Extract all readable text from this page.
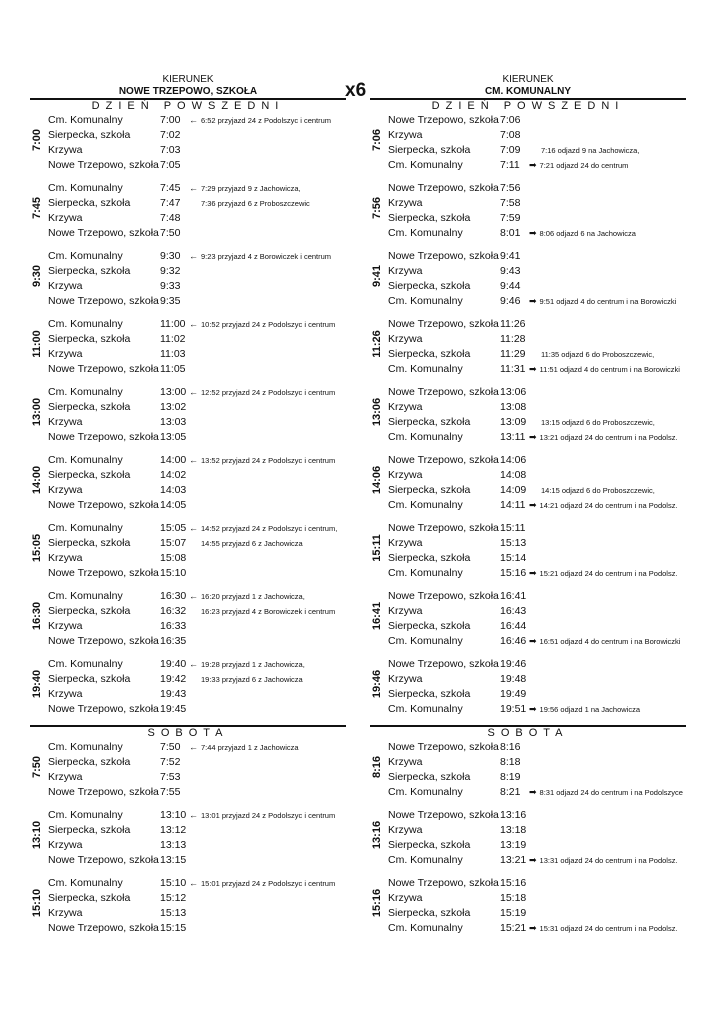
x6
KIERUNEK
NOWE TRZEPOWO, SZKOŁA
DZIEŃ POWSZEDNI
7:00
Cm. Komunalny	7:00 ← 6:52 przyjazd 24 z Podolszyc i centrum
Sierpecka, szkoła	7:02
Krzywa	7:03
Nowe Trzepowo, szkoła 7:05
7:45
Cm. Komunalny	7:45 ← 7:29 przyjazd 9 z Jachowicza,
Sierpecka, szkoła	7:47	7:36 przyjazd 6 z Proboszczewic
Krzywa	7:48
Nowe Trzepowo, szkoła 7:50
9:30
Cm. Komunalny	9:30 ← 9:23 przyjazd 4 z Borowiczek i centrum
Sierpecka, szkoła	9:32
Krzywa	9:33
Nowe Trzepowo, szkoła 9:35
11:00
Cm. Komunalny	11:00 ← 10:52 przyjazd 24 z Podolszyc i centrum
Sierpecka, szkoła	11:02
Krzywa	11:03
Nowe Trzepowo, szkoła 11:05
13:00
Cm. Komunalny	13:00 ← 12:52 przyjazd 24 z Podolszyc i centrum
Sierpecka, szkoła	13:02
Krzywa	13:03
Nowe Trzepowo, szkoła 13:05
14:00
Cm. Komunalny	14:00 ← 13:52 przyjazd 24 z Podolszyc i centrum
Sierpecka, szkoła	14:02
Krzywa	14:03
Nowe Trzepowo, szkoła 14:05
15:05
Cm. Komunalny	15:05 ← 14:52 przyjazd 24 z Podolszyc i centrum,
Sierpecka, szkoła	15:07 14:55 przyjazd 6 z Jachowicza
Krzywa	15:08
Nowe Trzepowo, szkoła 15:10
16:30
Cm. Komunalny	16:30 ← 16:20 przyjazd 1 z Jachowicza,
Sierpecka, szkoła	16:32 16:23 przyjazd 4 z Borowiczek i centrum
Krzywa	16:33
Nowe Trzepowo, szkoła 16:35
19:40
Cm. Komunalny	19:40 ← 19:28 przyjazd 1 z Jachowicza,
Sierpecka, szkoła	19:42 19:33 przyjazd 6 z Jachowicza
Krzywa	19:43
Nowe Trzepowo, szkoła 19:45
SOBOTA
7:50
Cm. Komunalny	7:50 ← 7:44 przyjazd 1 z Jachowicza
Sierpecka, szkoła	7:52
Krzywa	7:53
Nowe Trzepowo, szkoła 7:55
13:10
Cm. Komunalny	13:10 ← 13:01 przyjazd 24 z Podolszyc i centrum
Sierpecka, szkoła	13:12
Krzywa	13:13
Nowe Trzepowo, szkoła 13:15
15:10
Cm. Komunalny	15:10 ← 15:01 przyjazd 24 z Podolszyc i centrum
Sierpecka, szkoła	15:12
Krzywa	15:13
Nowe Trzepowo, szkoła 15:15
KIERUNEK
CM. KOMUNALNY
DZIEŃ POWSZEDNI
7:06
Nowe Trzepowo, szkoła 7:06
Krzywa	7:08
Sierpecka, szkoła	7:09	7:16 odjazd 9 na Jachowicza,
Cm. Komunalny	7:11 ➡ 7:21 odjazd 24 do centrum
7:56
Nowe Trzepowo, szkoła 7:56
Krzywa	7:58
Sierpecka, szkoła	7:59
Cm. Komunalny	8:01 ➡ 8:06 odjazd 6 na Jachowicza
9:41
Nowe Trzepowo, szkoła 9:41
Krzywa	9:43
Sierpecka, szkoła	9:44
Cm. Komunalny	9:46 ➡ 9:51 odjazd 4 do centrum i na Borowiczki
11:26
Nowe Trzepowo, szkoła 11:26
Krzywa	11:28
Sierpecka, szkoła	11:29 11:35 odjazd 6 do Proboszczewic,
Cm. Komunalny	11:31 ➡ 11:51 odjazd 4 do centrum i na Borowiczki
13:06
Nowe Trzepowo, szkoła 13:06
Krzywa	13:08
Sierpecka, szkoła	13:09 13:15 odjazd 6 do Proboszczewic,
Cm. Komunalny	13:11 ➡ 13:21 odjazd 24 do centrum i na Podolsz.
14:06
Nowe Trzepowo, szkoła 14:06
Krzywa	14:08
Sierpecka, szkoła	14:09 14:15 odjazd 6 do Proboszczewic,
Cm. Komunalny	14:11 ➡ 14:21 odjazd 24 do centrum i na Podolsz.
15:11
Nowe Trzepowo, szkoła 15:11
Krzywa	15:13
Sierpecka, szkoła	15:14
Cm. Komunalny	15:16 ➡ 15:21 odjazd 24 do centrum i na Podolsz.
16:41
Nowe Trzepowo, szkoła 16:41
Krzywa	16:43
Sierpecka, szkoła	16:44
Cm. Komunalny	16:46 ➡ 16:51 odjazd 4 do centrum i na Borowiczki
19:46
Nowe Trzepowo, szkoła 19:46
Krzywa	19:48
Sierpecka, szkoła	19:49
Cm. Komunalny	19:51 ➡ 19:56 odjazd 1 na Jachowicza
SOBOTA
8:16
Nowe Trzepowo, szkoła 8:16
Krzywa	8:18
Sierpecka, szkoła	8:19
Cm. Komunalny	8:21 ➡ 8:31 odjazd 24 do centrum i na Podolszyce
13:16
Nowe Trzepowo, szkoła 13:16
Krzywa	13:18
Sierpecka, szkoła	13:19
Cm. Komunalny	13:21 ➡ 13:31 odjazd 24 do centrum i na Podolsz.
15:16
Nowe Trzepowo, szkoła 15:16
Krzywa	15:18
Sierpecka, szkoła	15:19
Cm. Komunalny	15:21 ➡ 15:31 odjazd 24 do centrum i na Podolsz.
